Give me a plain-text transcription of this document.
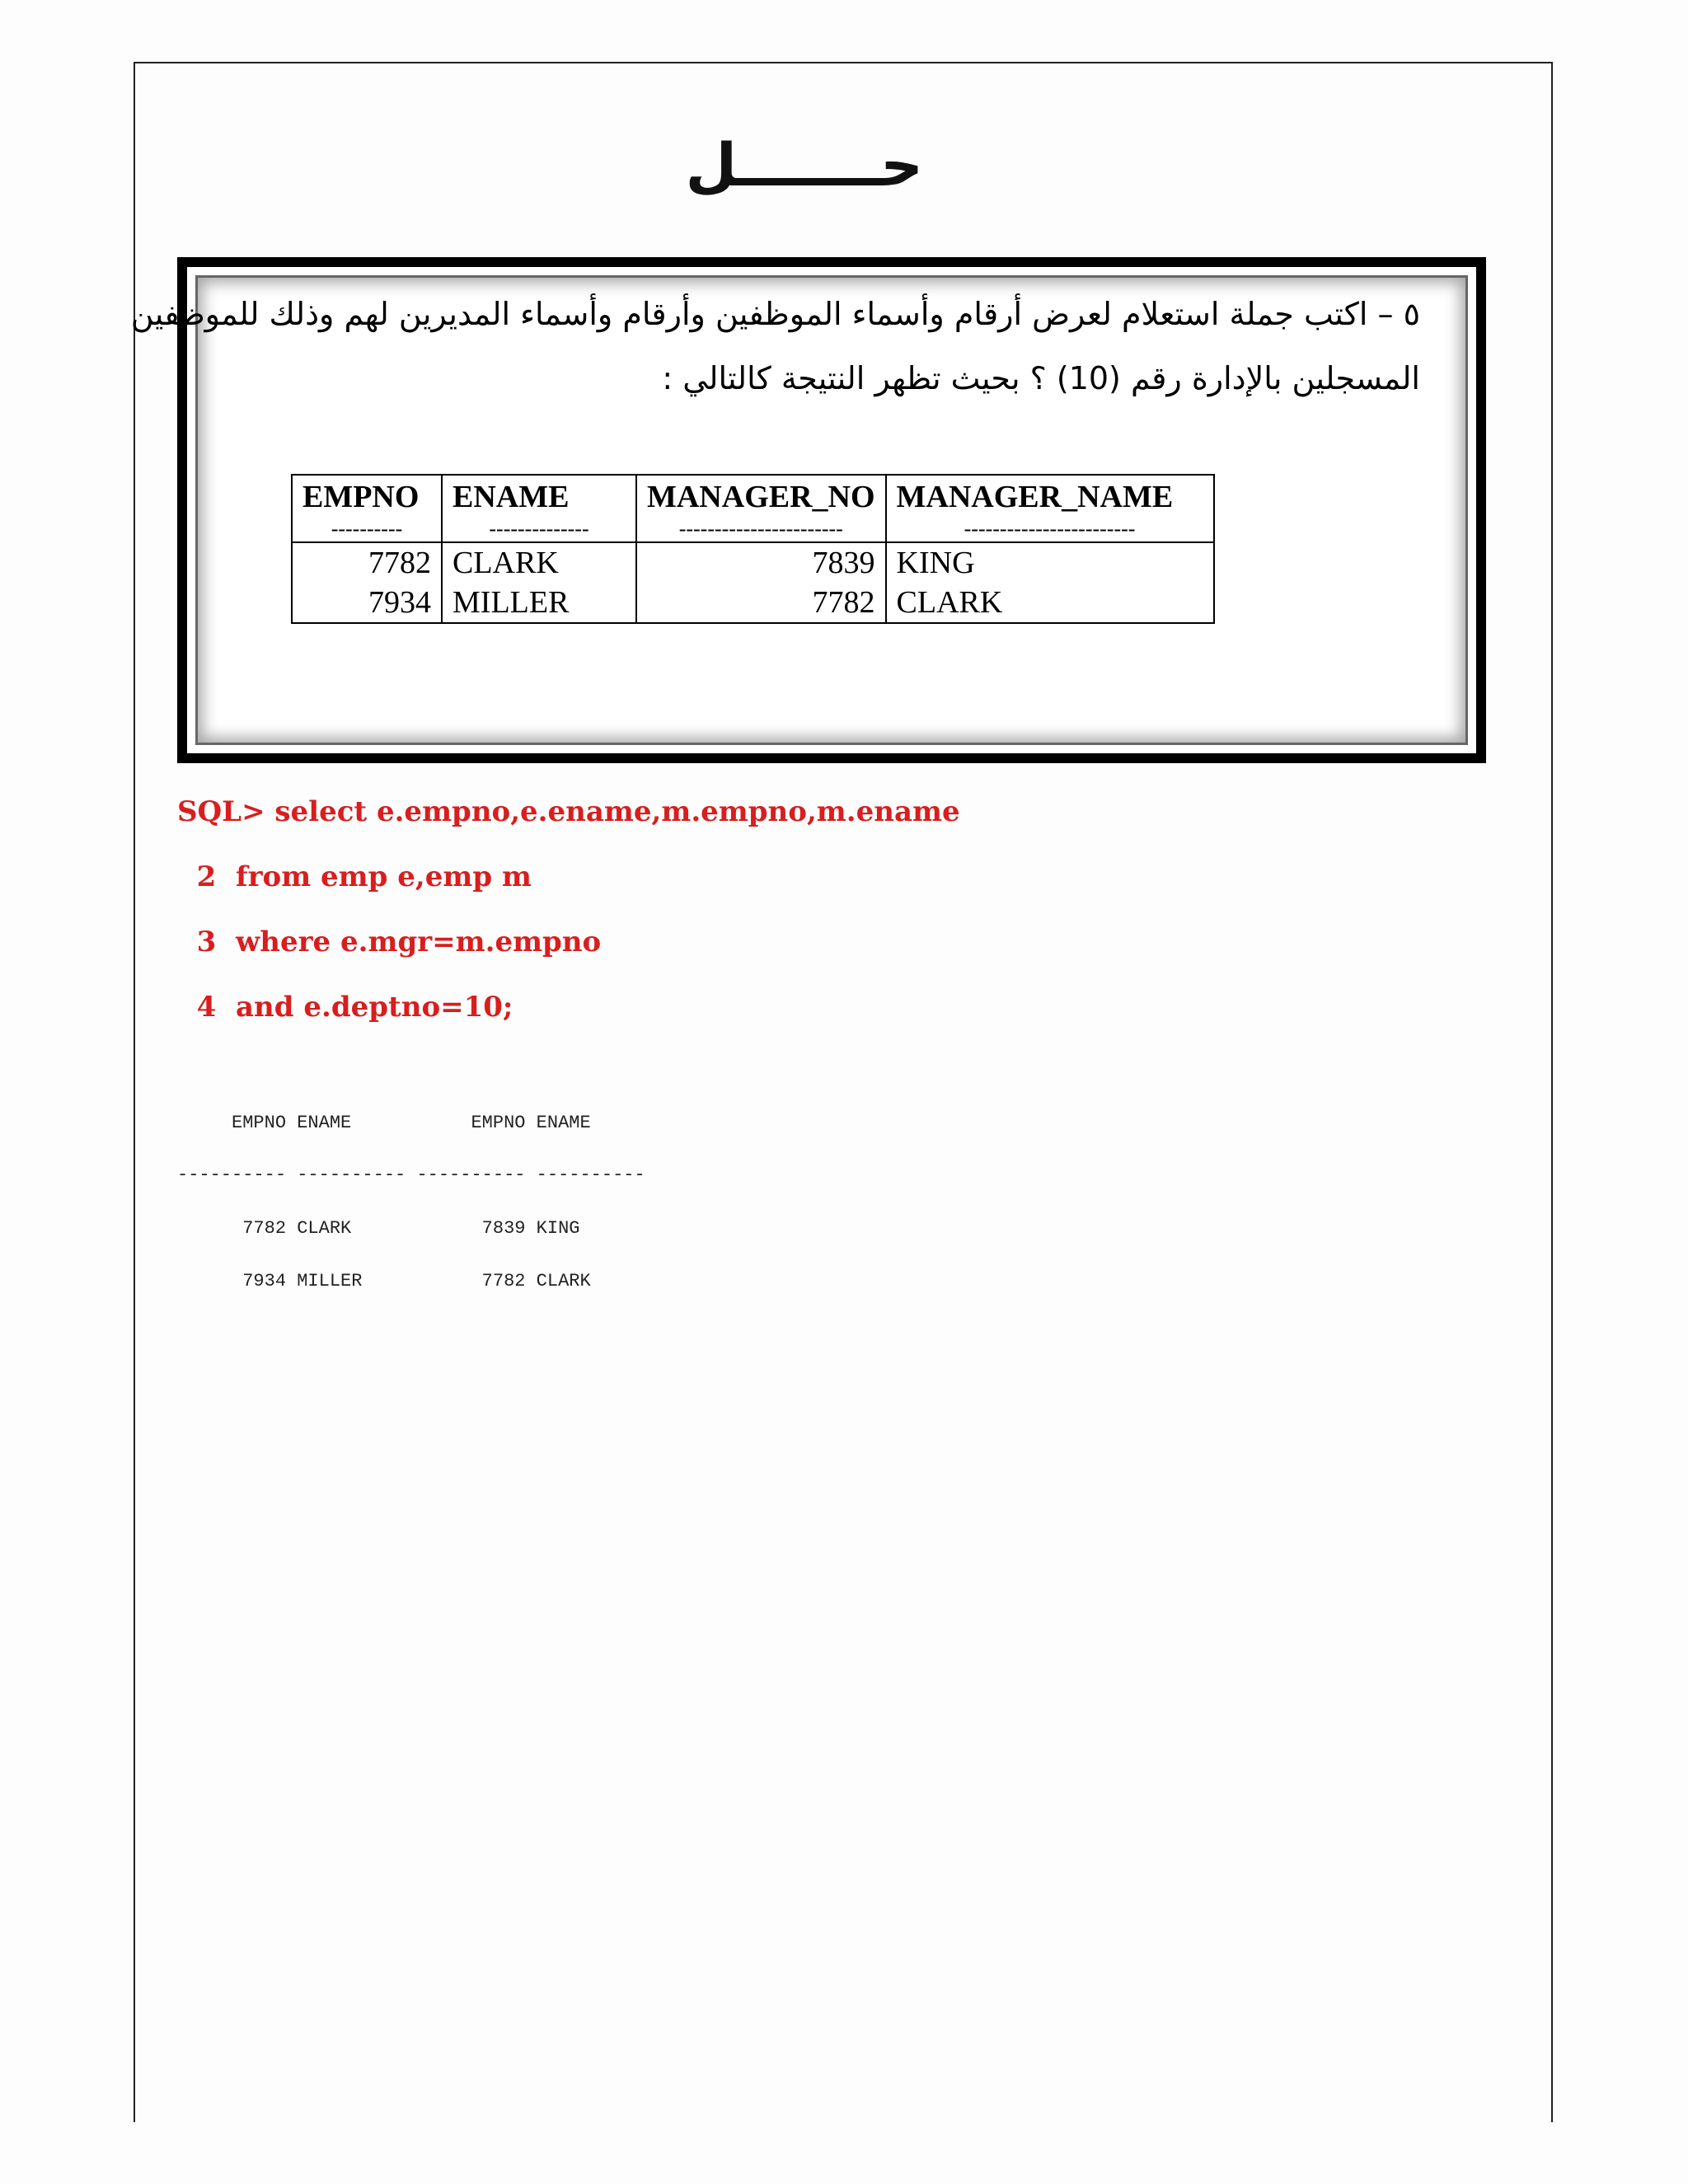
حـــــــل
٥ – اكتب جملة استعلام لعرض أرقام وأسماء الموظفين وأرقام وأسماء المديرين لهم وذلك للموظفين
المسجلين بالإدارة رقم (10) ؟ بحيث تظهر النتيجة كالتالي :
EMPNO	ENAME	MANAGER_NO	MANAGER_NAME
----------	--------------	-----------------------	------------------------
7782	CLARK	7839	KING
7934	MILLER	7782	CLARK
SQL> select e.empno,e.ename,m.empno,m.ename
2  from emp e,emp m
3  where e.mgr=m.empno
4  and e.deptno=10;
EMPNO ENAME           EMPNO ENAME
---------- ---------- ---------- ----------
7782 CLARK            7839 KING
7934 MILLER           7782 CLARK
